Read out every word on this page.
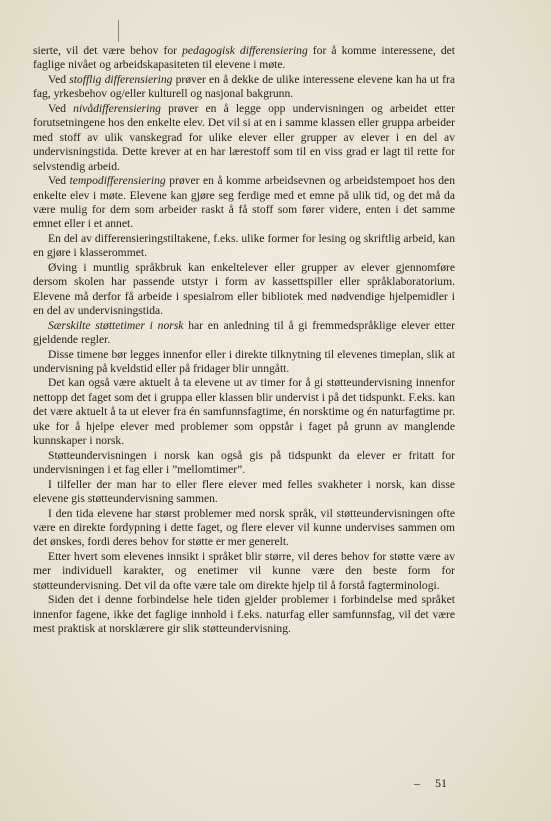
sierte, vil det være behov for pedagogisk differensiering for å komme interessene, det faglige nivået og arbeidskapasiteten til elevene i møte.

Ved stofflig differensiering prøver en å dekke de ulike interessene elevene kan ha ut fra fag, yrkesbehov og/eller kulturell og nasjonal bakgrunn.

Ved nivådifferensiering prøver en å legge opp undervisningen og arbeidet etter forutsetningene hos den enkelte elev. Det vil si at en i samme klassen eller gruppa arbeider med stoff av ulik vanskegrad for ulike elever eller grupper av elever i en del av undervisningstida. Dette krever at en har lærestoff som til en viss grad er lagt til rette for selvstendig arbeid.

Ved tempodifferensiering prøver en å komme arbeidsevnen og arbeidstempoet hos den enkelte elev i møte. Elevene kan gjøre seg ferdige med et emne på ulik tid, og det må da være mulig for dem som arbeider raskt å få stoff som fører videre, enten i det samme emnet eller i et annet.

En del av differensieringstiltakene, f.eks. ulike former for lesing og skriftlig arbeid, kan en gjøre i klasserommet.

Øving i muntlig språkbruk kan enkeltelever eller grupper av elever gjennomføre dersom skolen har passende utstyr i form av kassettspiller eller språklaboratorium. Elevene må derfor få arbeide i spesialrom eller bibliotek med nødvendige hjelpemidler i en del av undervisningstida.

Særskilte støttetimer i norsk har en anledning til å gi fremmedspråklige elever etter gjeldende regler.

Disse timene bør legges innenfor eller i direkte tilknytning til elevenes timeplan, slik at undervisning på kveldstid eller på fridager blir unngått.

Det kan også være aktuelt å ta elevene ut av timer for å gi støtteundervisning innenfor nettopp det faget som det i gruppa eller klassen blir undervist i på det tidspunkt. F.eks. kan det være aktuelt å ta ut elever fra én samfunnsfagtime, én norsktime og én naturfagtime pr. uke for å hjelpe elever med problemer som oppstår i faget på grunn av manglende kunnskaper i norsk.

Støtteundervisningen i norsk kan også gis på tidspunkt da elever er fritatt for undervisningen i et fag eller i ”mellomtimer”.

I tilfeller der man har to eller flere elever med felles svakheter i norsk, kan disse elevene gis støtteundervisning sammen.

I den tida elevene har størst problemer med norsk språk, vil støtteundervisningen ofte være en direkte fordypning i dette faget, og flere elever vil kunne undervises sammen om det ønskes, fordi deres behov for støtte er mer generelt.

Etter hvert som elevenes innsikt i språket blir større, vil deres behov for støtte være av mer individuell karakter, og enetimer vil kunne være den beste form for støtteundervisning. Det vil da ofte være tale om direkte hjelp til å forstå fagterminologi.

Siden det i denne forbindelse hele tiden gjelder problemer i forbindelse med språket innenfor fagene, ikke det faglige innhold i f.eks. naturfag eller samfunnsfag, vil det være mest praktisk at norsklærere gir slik støtteundervisning.

– 51
